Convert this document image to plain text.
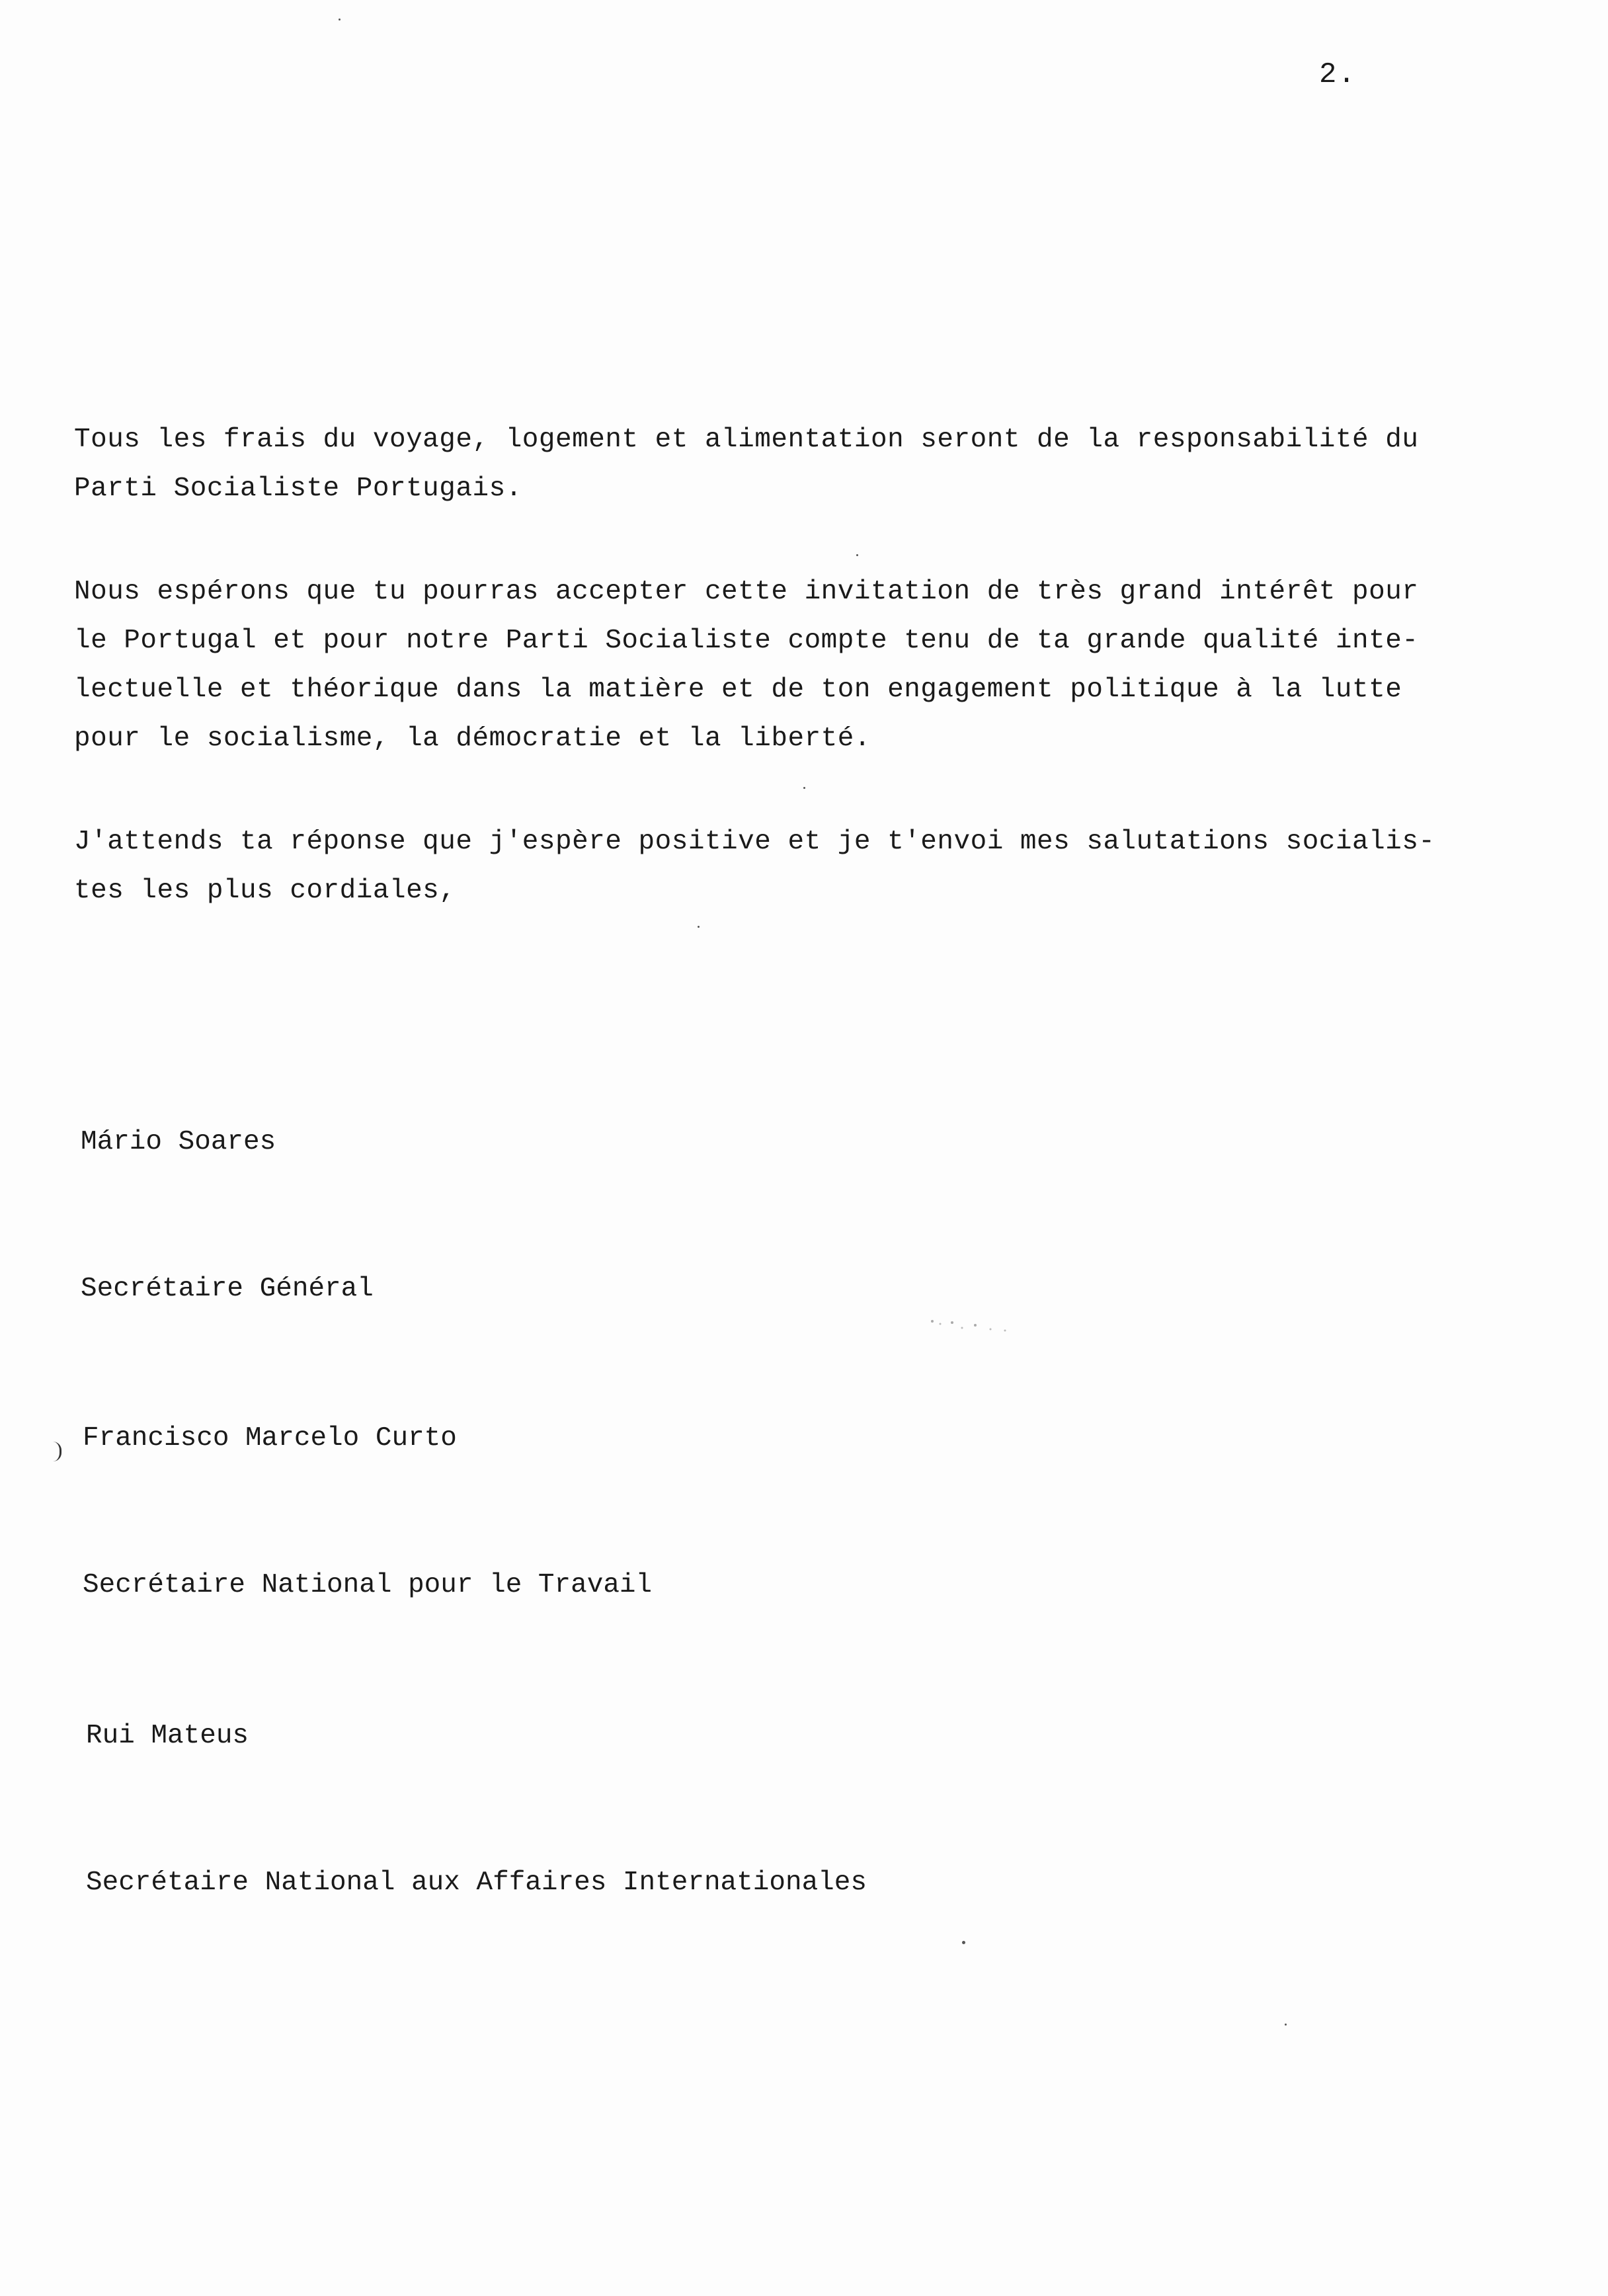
2.
Tous les frais du voyage, logement et alimentation seront de la responsabilité du
Parti Socialiste Portugais.
Nous espérons que tu pourras accepter cette invitation de très grand intérêt pour
le Portugal et pour notre Parti Socialiste compte tenu de ta grande qualité inte-
lectuelle et théorique dans la matière et de ton engagement politique à la lutte
pour le socialisme, la démocratie et la liberté.
J'attends ta réponse que j'espère positive et je t'envoi mes salutations socialis-
tes les plus cordiales,

Mário Soares

Secrétaire Général

Francisco Marcelo Curto

Secrétaire National pour le Travail

Rui Mateus

Secrétaire National aux Affaires Internationales
